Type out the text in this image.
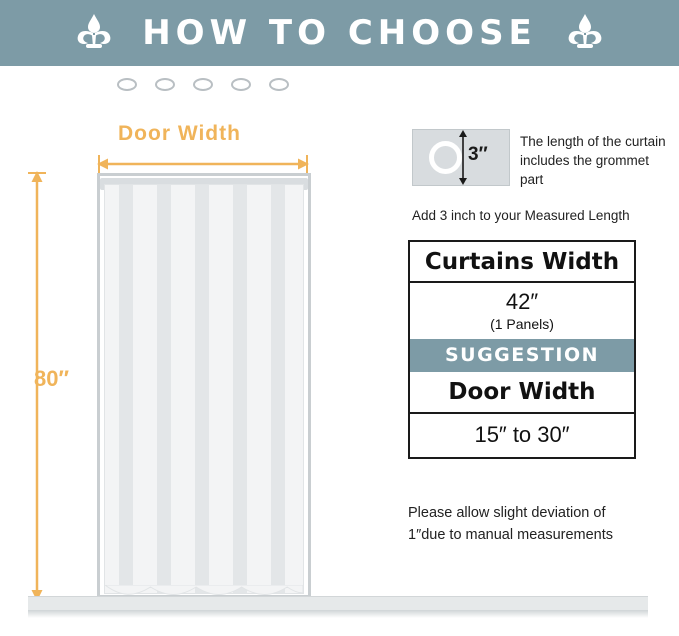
HOW TO CHOOSE
Door Width
80″
3″
The length of the curtain includes the grommet part
Add 3 inch to your Measured Length
Curtains Width
42″
(1 Panels)
SUGGESTION
Door Width
15″ to 30″
Please allow slight deviation of
1″due to manual measurements
